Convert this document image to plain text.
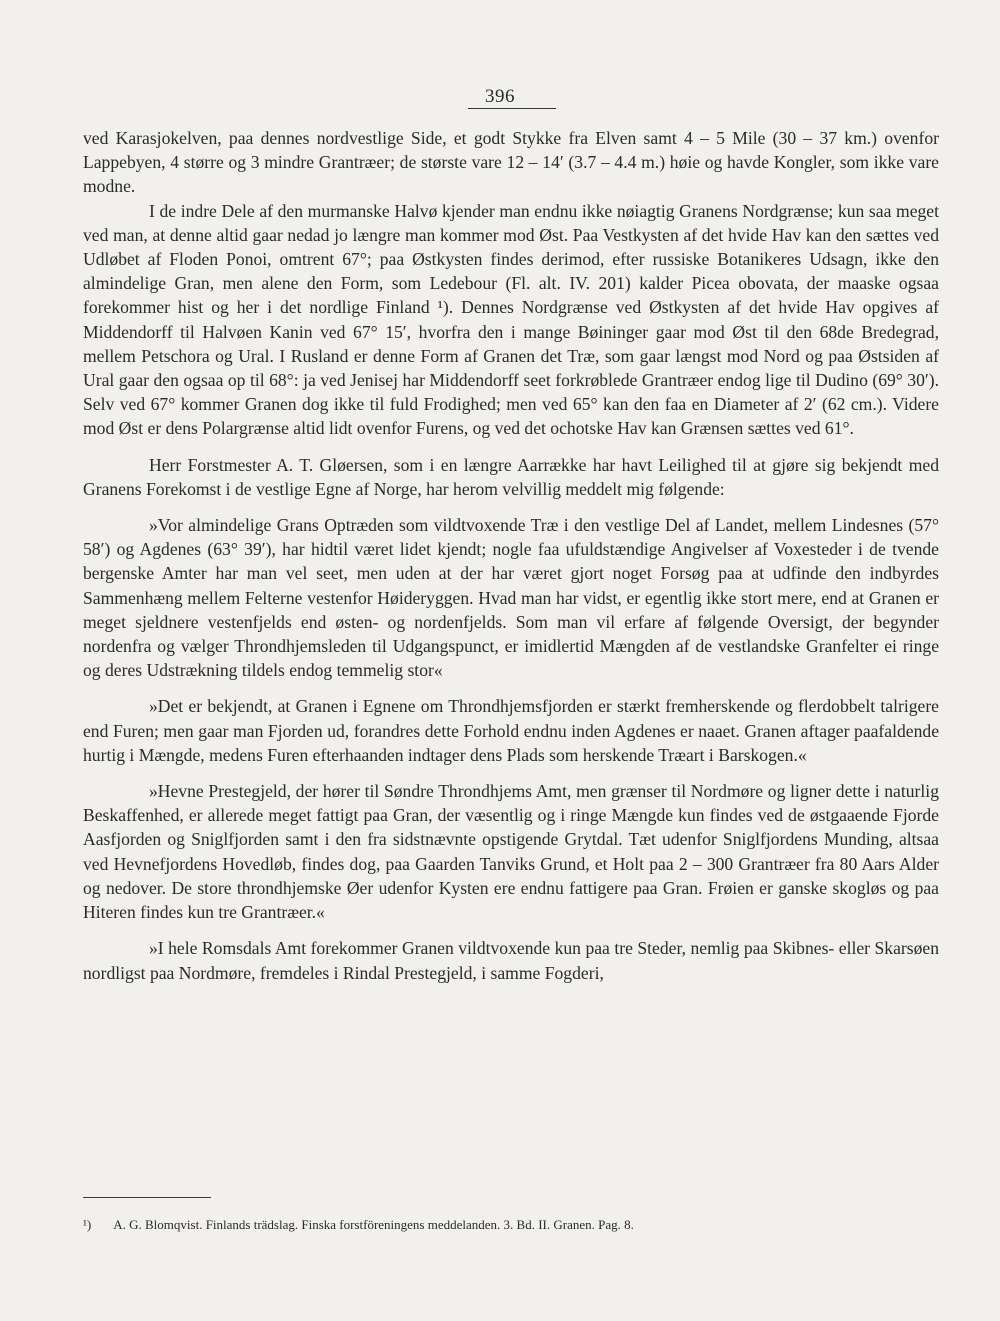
396

ved Karasjokelven, paa dennes nordvestlige Side, et godt Stykke fra Elven samt 4 – 5 Mile (30 – 37 km.) ovenfor Lappebyen, 4 større og 3 mindre Grantræer; de største vare 12 – 14′ (3.7 – 4.4 m.) høie og havde Kongler, som ikke vare modne.

I de indre Dele af den murmanske Halvø kjender man endnu ikke nøiagtig Granens Nordgrænse; kun saa meget ved man, at denne altid gaar nedad jo længre man kommer mod Øst. Paa Vestkysten af det hvide Hav kan den sættes ved Udløbet af Floden Ponoi, omtrent 67°; paa Østkysten findes derimod, efter russiske Botanikeres Udsagn, ikke den almindelige Gran, men alene den Form, som Ledebour (Fl. alt. IV. 201) kalder Picea obovata, der maaske ogsaa forekommer hist og her i det nordlige Finland ¹). Dennes Nordgrænse ved Østkysten af det hvide Hav opgives af Middendorff til Halvøen Kanin ved 67° 15′, hvorfra den i mange Bøininger gaar mod Øst til den 68de Bredegrad, mellem Petschora og Ural. I Rusland er denne Form af Granen det Træ, som gaar længst mod Nord og paa Østsiden af Ural gaar den ogsaa op til 68°: ja ved Jenisej har Middendorff seet forkrøblede Grantræer endog lige til Dudino (69° 30′). Selv ved 67° kommer Granen dog ikke til fuld Frodighed; men ved 65° kan den faa en Diameter af 2′ (62 cm.). Videre mod Øst er dens Polargrænse altid lidt ovenfor Furens, og ved det ochotske Hav kan Grænsen sættes ved 61°.

Herr Forstmester A. T. Gløersen, som i en længre Aarrække har havt Leilighed til at gjøre sig bekjendt med Granens Forekomst i de vestlige Egne af Norge, har herom velvillig meddelt mig følgende:

»Vor almindelige Grans Optræden som vildtvoxende Træ i den vestlige Del af Landet, mellem Lindesnes (57° 58′) og Agdenes (63° 39′), har hidtil været lidet kjendt; nogle faa ufuldstændige Angivelser af Voxesteder i de tvende bergenske Amter har man vel seet, men uden at der har været gjort noget Forsøg paa at udfinde den indbyrdes Sammenhæng mellem Felterne vestenfor Høideryggen. Hvad man har vidst, er egentlig ikke stort mere, end at Granen er meget sjeldnere vestenfjelds end østen- og nordenfjelds. Som man vil erfare af følgende Oversigt, der begynder nordenfra og vælger Throndhjemsleden til Udgangspunct, er imidlertid Mængden af de vestlandske Granfelter ei ringe og deres Udstrækning tildels endog temmelig stor«

»Det er bekjendt, at Granen i Egnene om Throndhjemsfjorden er stærkt fremherskende og flerdobbelt talrigere end Furen; men gaar man Fjorden ud, forandres dette Forhold endnu inden Agdenes er naaet. Granen aftager paafaldende hurtig i Mængde, medens Furen efterhaanden indtager dens Plads som herskende Træart i Barskogen.«

»Hevne Prestegjeld, der hører til Søndre Throndhjems Amt, men grænser til Nordmøre og ligner dette i naturlig Beskaffenhed, er allerede meget fattigt paa Gran, der væsentlig og i ringe Mængde kun findes ved de østgaaende Fjorde Aasfjorden og Sniglfjorden samt i den fra sidstnævnte opstigende Grytdal. Tæt udenfor Sniglfjordens Munding, altsaa ved Hevnefjordens Hovedløb, findes dog, paa Gaarden Tanviks Grund, et Holt paa 2 – 300 Grantræer fra 80 Aars Alder og nedover. De store throndhjemske Øer udenfor Kysten ere endnu fattigere paa Gran. Frøien er ganske skogløs og paa Hiteren findes kun tre Grantræer.«

»I hele Romsdals Amt forekommer Granen vildtvoxende kun paa tre Steder, nemlig paa Skibnes- eller Skarsøen nordligst paa Nordmøre, fremdeles i Rindal Prestegjeld, i samme Fogderi,

¹) A. G. Blomqvist. Finlands trädslag. Finska forstföreningens meddelanden. 3. Bd. II. Granen. Pag. 8.
